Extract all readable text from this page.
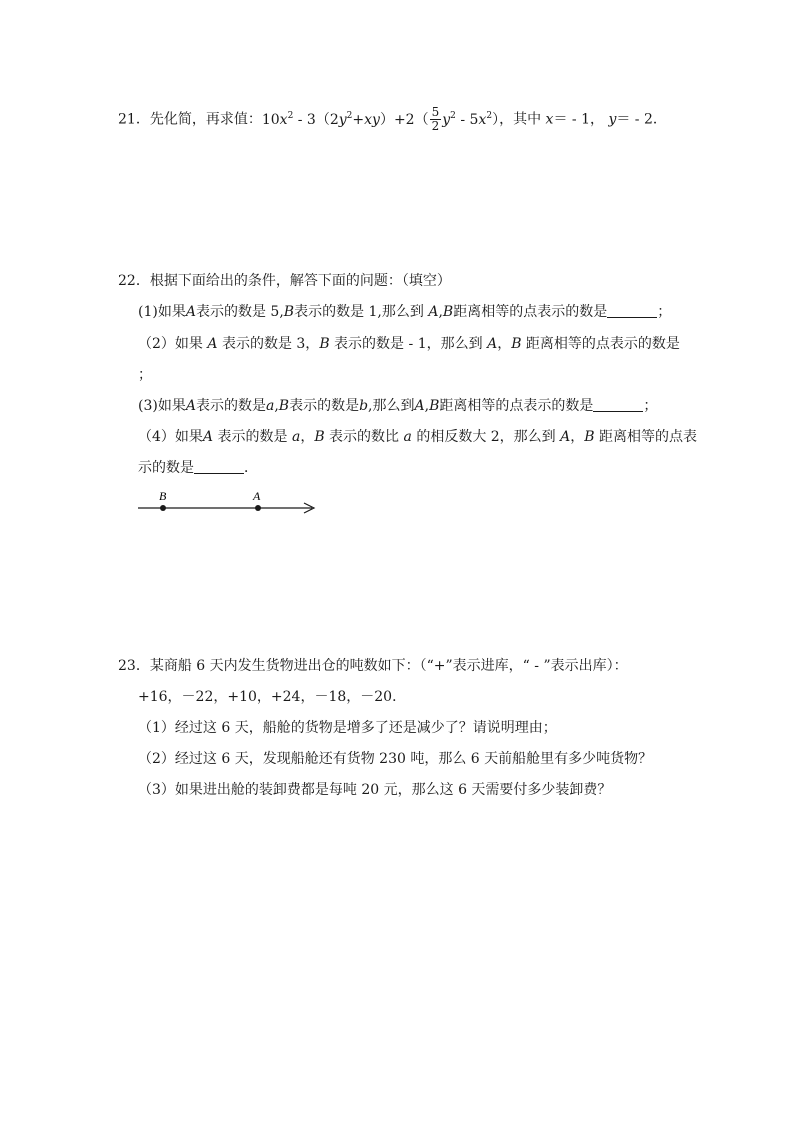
21．先化简，再求值：$10x^2 - 3(2y^2+xy)+2( \frac{5}{2} y^2 - 5x^2)$，其中 x＝ - 1， y＝ - 2．
22．根据下面给出的条件，解答下面的问题：（填空）
(1)如果A表示的数是 5,B表示的数是 1,那么到 A,B距离相等的点表示的数是	；
（2）如果 A 表示的数是 3，B 表示的数是 - 1，那么到 A，B 距离相等的点表示的数是
；
(3)如果A表示的数是a,B表示的数是b,那么到A,B距离相等的点表示的数是	；
（4）如果A 表示的数是 a，B 表示的数比 a 的相反数大 2，那么到 A，B 距离相等的点表
示的数是	．
B	A
23．某商船 6 天内发生货物进出仓的吨数如下：（“+”表示进库，“ - ”表示出库）：
+16，－22，+10，+24，－18，－20．
（1）经过这 6 天，船舱的货物是增多了还是减少了？请说明理由；
（2）经过这 6 天，发现船舱还有货物 230 吨，那么 6 天前船舱里有多少吨货物？
（3）如果进出舱的装卸费都是每吨 20 元，那么这 6 天需要付多少装卸费？
